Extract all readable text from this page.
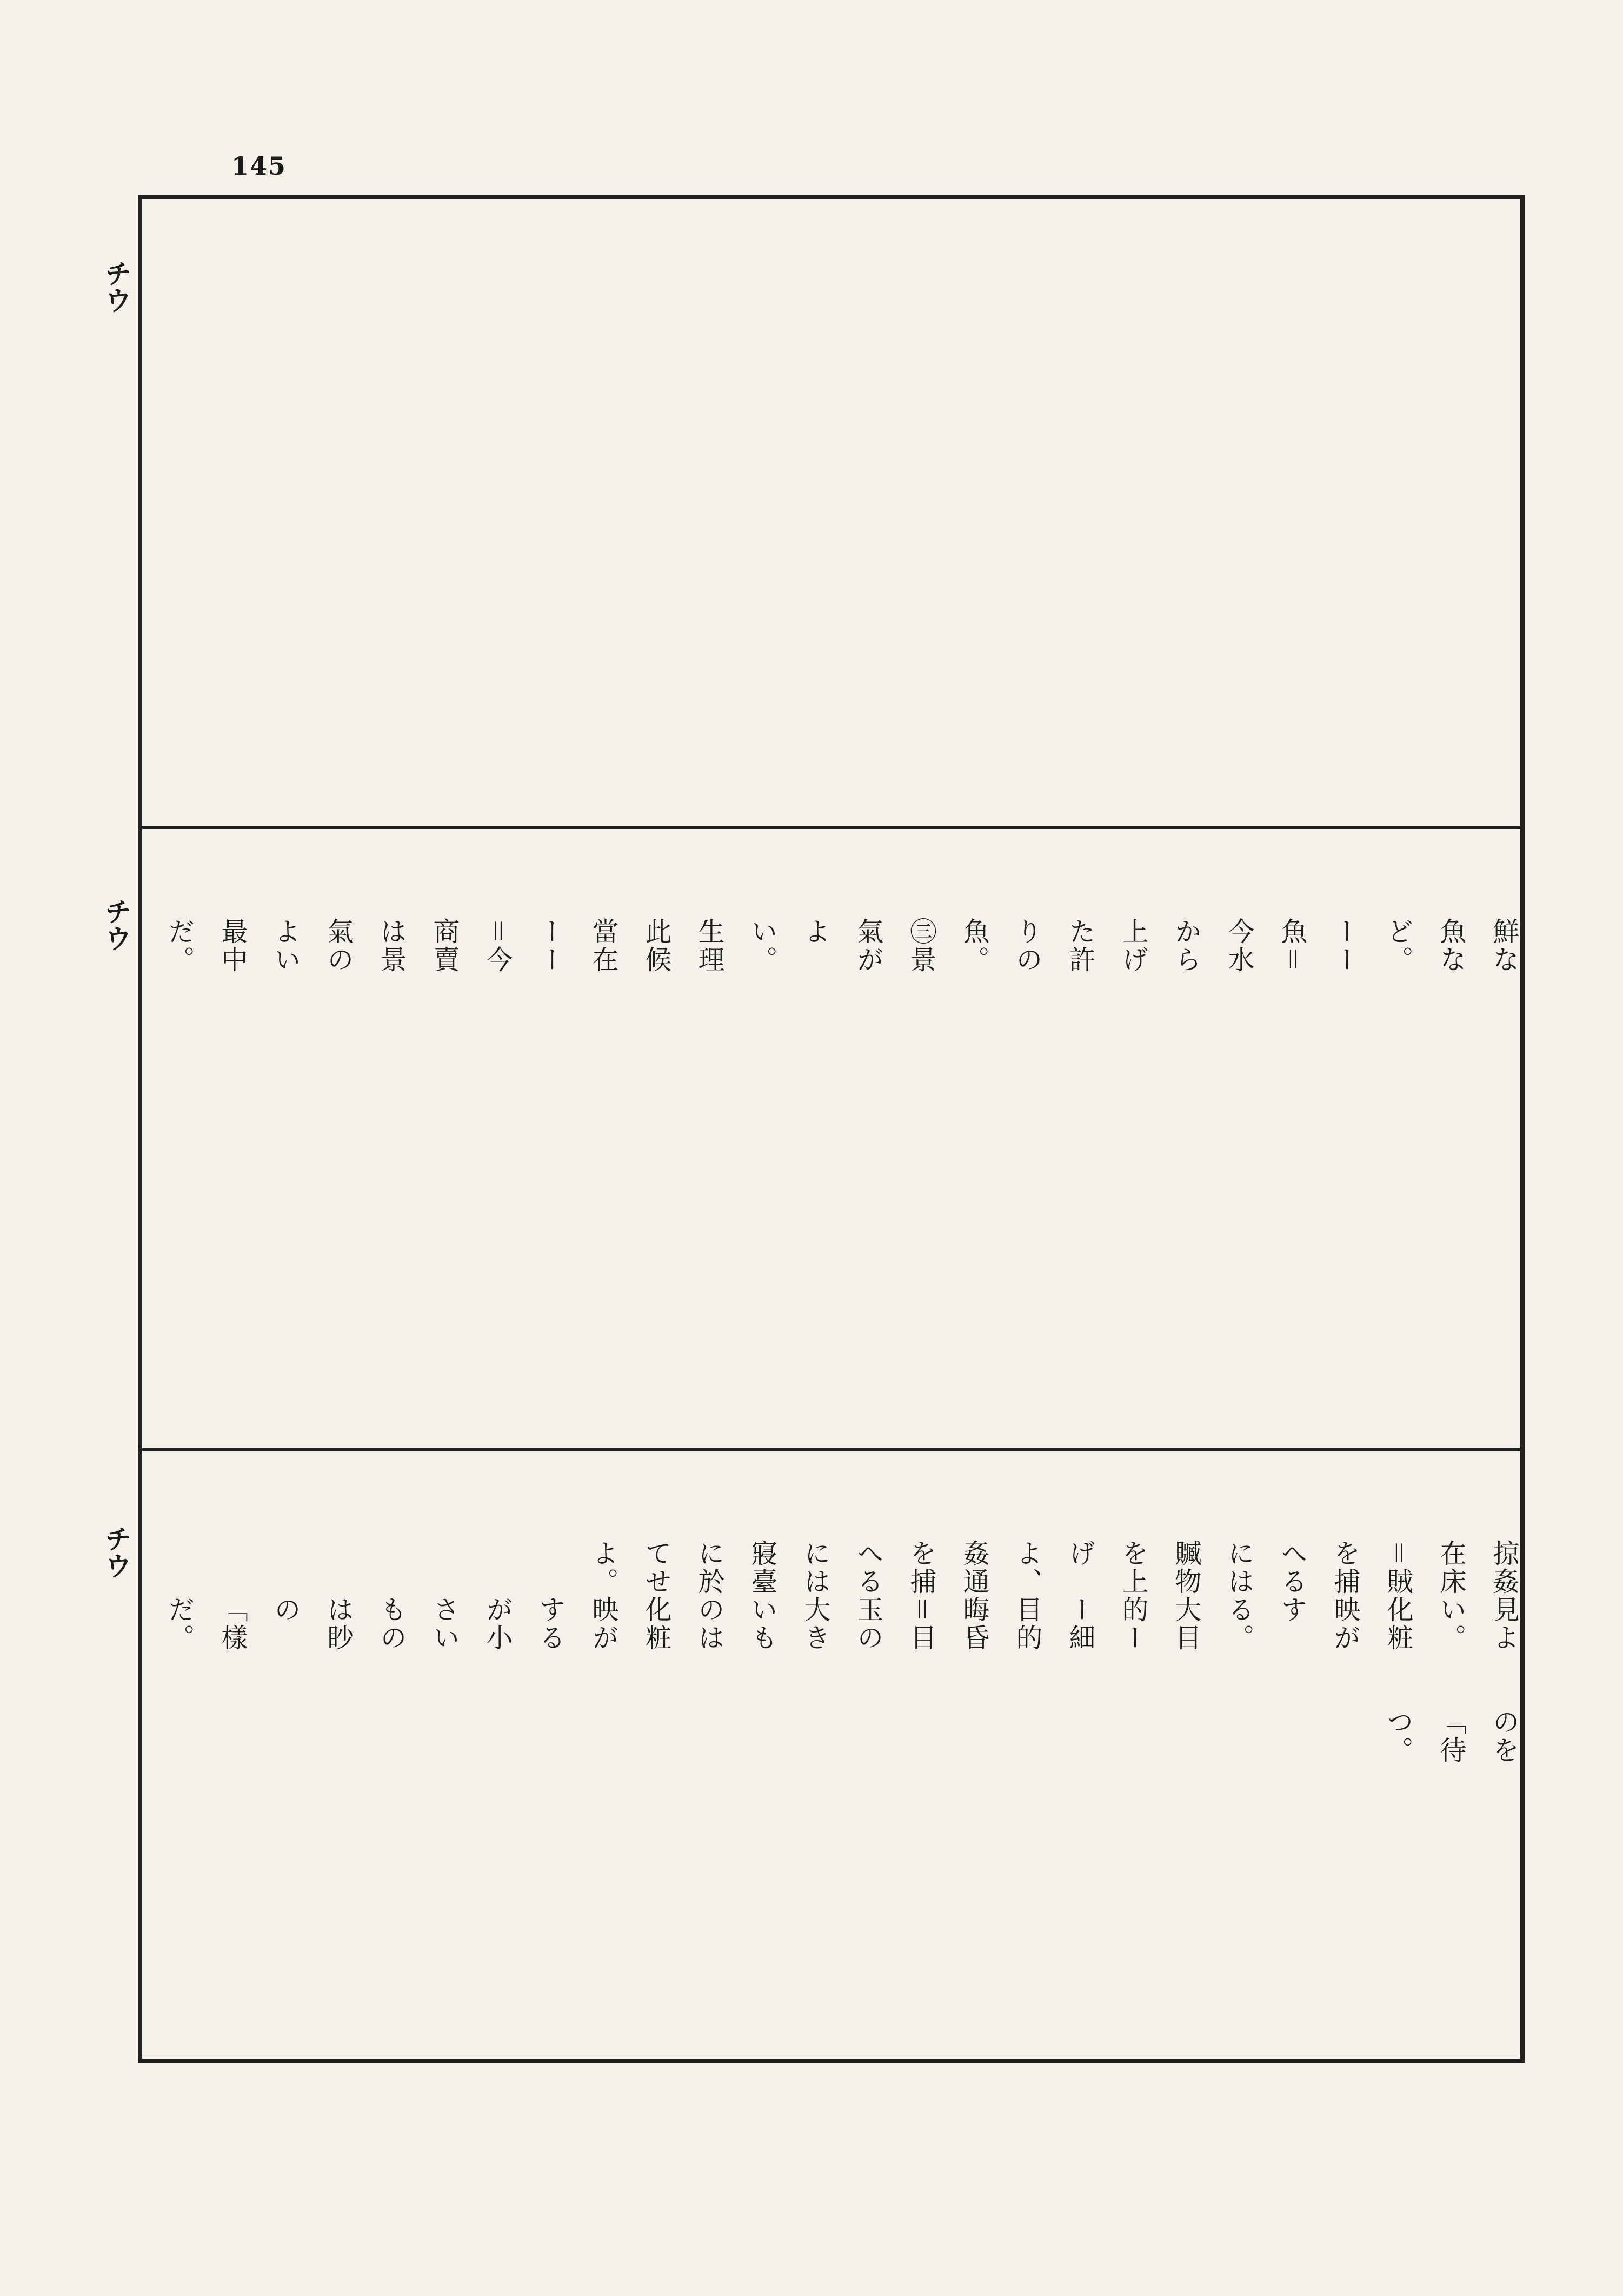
145
チウ
チウ
チウ
鮮な魚など。ーー魚＝今水から上げた許りの魚。㊂景氣がよい。生理此候當在ーー＝今商賣は景氣のよい最中だ。
掠姦在床＝賊を捕へるには贓物を上げよ、姦通を捕へるには寢臺に於てせよ。
見よい。化粧映がする。大目的ーー細目的晦昏＝目玉の大きいものは化粧映がするが小さいものは眇の「樣だ。
のを「待つ。
